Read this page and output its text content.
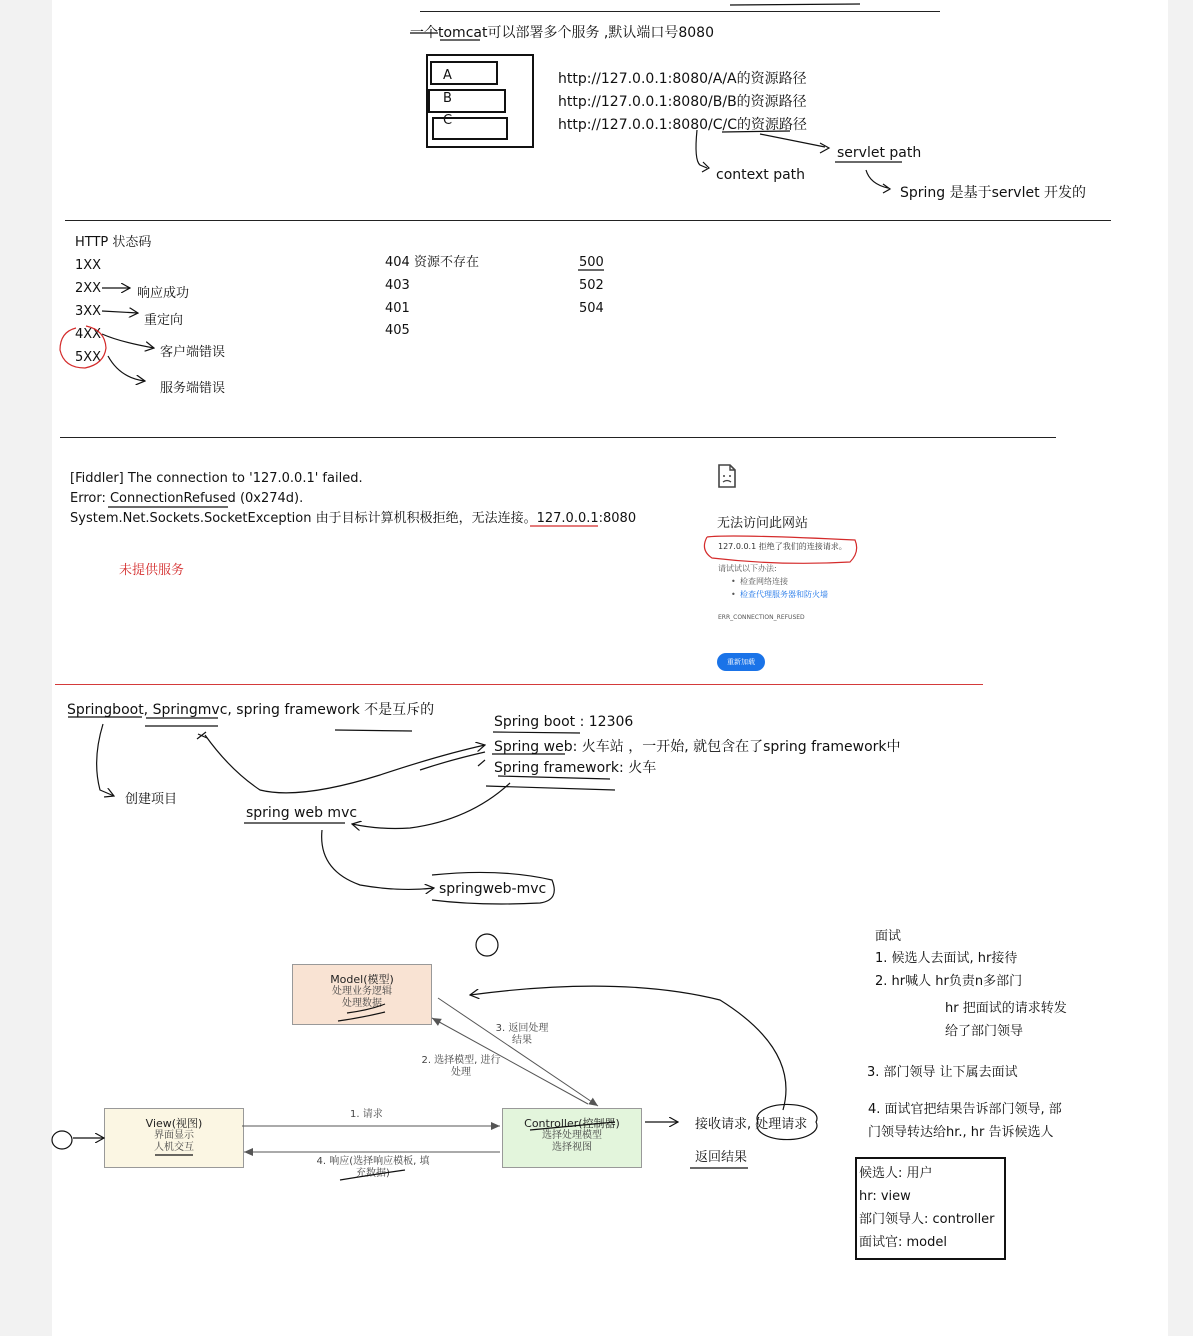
一个tomcat可以部署多个服务 ,默认端口号8080
A
B
C
http://127.0.0.1:8080/A/A的资源路径
http://127.0.0.1:8080/B/B的资源路径
http://127.0.0.1:8080/C/C的资源路径
servlet path
context path
Spring 是基于servlet 开发的
HTTP 状态码
1XX
2XX
3XX
4XX
5XX
响应成功
重定向
客户端错误
服务端错误
404 资源不存在
403
401
405
500
502
504
[Fiddler] The connection to '127.0.0.1' failed.
Error: ConnectionRefused (0x274d).
System.Net.Sockets.SocketException 由于目标计算机积极拒绝，无法连接。127.0.0.1:8080
未提供服务
无法访问此网站
127.0.0.1 拒绝了我们的连接请求。
请试试以下办法:
检查网络连接
检查代理服务器和防火墙
•
•
ERR_CONNECTION_REFUSED
重新加载
Springboot, Springmvc, spring framework 不是互斥的
创建项目
Spring boot : 12306
Spring web: 火车站 ，一开始, 就包含在了spring framework中
Spring framework: 火车
spring web mvc
springweb-mvc
Model(模型)
处理业务逻辑
处理数据
View(视图)
界面显示
人机交互
Controller(控制器)
选择处理模型
选择视图
1. 请求
2. 选择模型, 进行处理
3. 返回处理结果
4. 响应(选择响应模板, 填充数据)
接收请求, 处理请求
返回结果
面试
1. 候选人去面试, hr接待
2. hr喊人 hr负责n多部门
hr 把面试的请求转发
给了部门领导
3. 部门领导 让下属去面试
4. 面试官把结果告诉部门领导, 部
门领导转达给hr., hr 告诉候选人
候选人: 用户
hr: view
部门领导人: controller
面试官: model
